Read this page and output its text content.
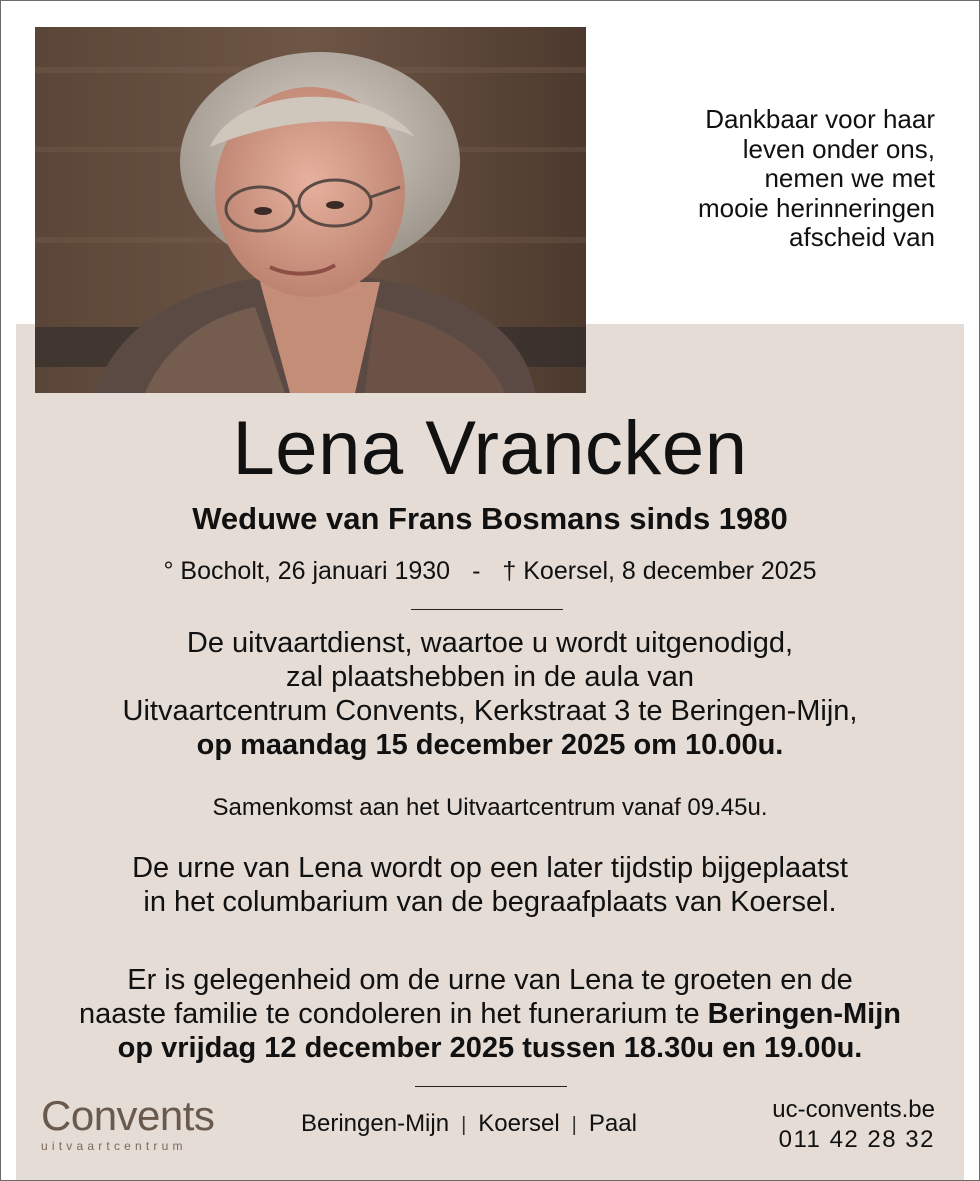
Dankbaar voor haar
leven onder ons,
nemen we met
mooie herinneringen
afscheid van
Lena Vrancken
Weduwe van Frans Bosmans sinds 1980
° Bocholt, 26 januari 1930 - † Koersel, 8 december 2025
De uitvaartdienst, waartoe u wordt uitgenodigd,
zal plaatshebben in de aula van
Uitvaartcentrum Convents, Kerkstraat 3 te Beringen-Mijn,
op maandag 15 december 2025 om 10.00u.
Samenkomst aan het Uitvaartcentrum vanaf 09.45u.
De urne van Lena wordt op een later tijdstip bijgeplaatst
in het columbarium van de begraafplaats van Koersel.
Er is gelegenheid om de urne van Lena te groeten en de
naaste familie te condoleren in het funerarium te Beringen-Mijn
op vrijdag 12 december 2025 tussen 18.30u en 19.00u.
Convents
uitvaartcentrum
Beringen-Mijn | Koersel | Paal
uc-convents.be
011 42 28 32
